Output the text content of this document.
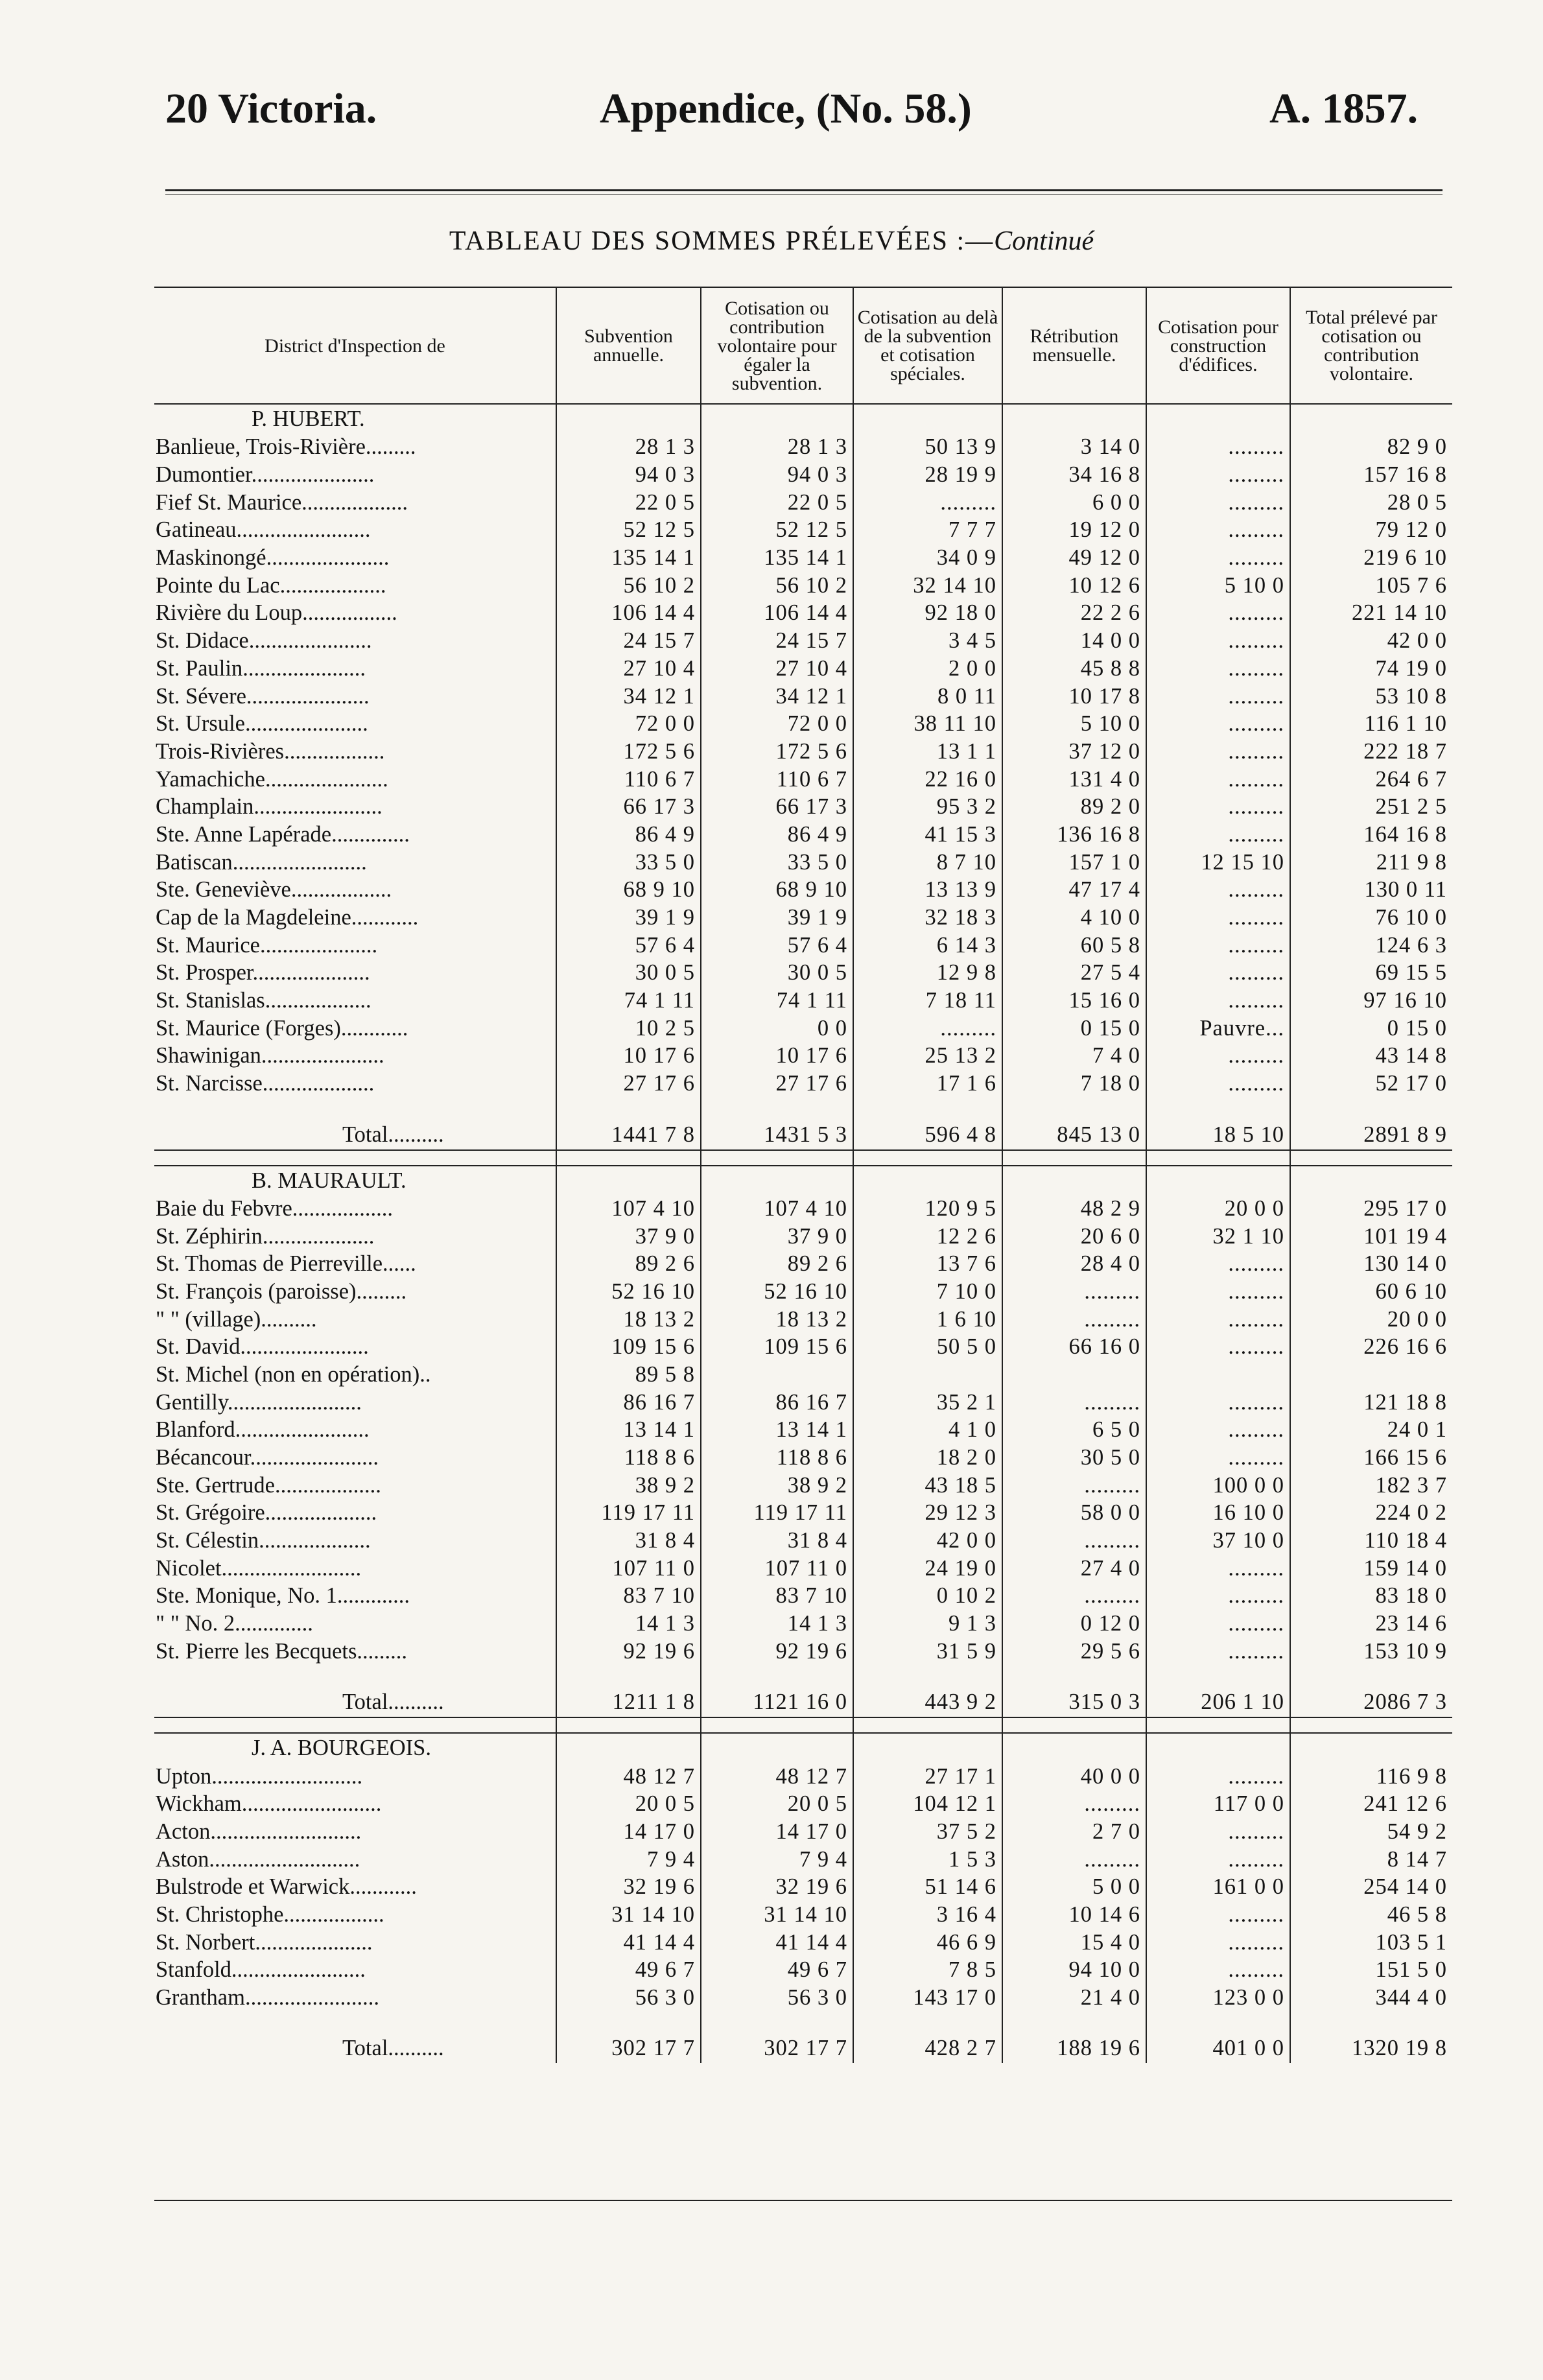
20 Victoria.	Appendice, (No. 58.)	A. 1857.
TABLEAU DES SOMMES PRÉLEVÉES :—Continué
District d'Inspection de	Subvention annuelle.	Cotisation ou contribution volontaire pour égaler la subvention.	Cotisation au delà de la subvention et cotisation spéciales.	Rétribution mensuelle.	Cotisation pour construction d'édifices.	Total prélevé par cotisation ou contribution volontaire.
P. HUBERT.						
Banlieue, Trois-Rivière.........	28 1 3	28 1 3	50 13 9	3 14 0	.........	82 9 0
Dumontier......................	94 0 3	94 0 3	28 19 9	34 16 8	.........	157 16 8
Fief St. Maurice...................	22 0 5	22 0 5	.........	6 0 0	.........	28 0 5
Gatineau........................	52 12 5	52 12 5	7 7 7	19 12 0	.........	79 12 0
Maskinongé......................	135 14 1	135 14 1	34 0 9	49 12 0	.........	219 6 10
Pointe du Lac...................	56 10 2	56 10 2	32 14 10	10 12 6	5 10 0	105 7 6
Rivière du Loup.................	106 14 4	106 14 4	92 18 0	22 2 6	.........	221 14 10
St. Didace......................	24 15 7	24 15 7	3 4 5	14 0 0	.........	42 0 0
St. Paulin......................	27 10 4	27 10 4	2 0 0	45 8 8	.........	74 19 0
St. Sévere......................	34 12 1	34 12 1	8 0 11	10 17 8	.........	53 10 8
St. Ursule......................	72 0 0	72 0 0	38 11 10	5 10 0	.........	116 1 10
Trois-Rivières..................	172 5 6	172 5 6	13 1 1	37 12 0	.........	222 18 7
Yamachiche......................	110 6 7	110 6 7	22 16 0	131 4 0	.........	264 6 7
Champlain.......................	66 17 3	66 17 3	95 3 2	89 2 0	.........	251 2 5
Ste. Anne Lapérade..............	86 4 9	86 4 9	41 15 3	136 16 8	.........	164 16 8
Batiscan........................	33 5 0	33 5 0	8 7 10	157 1 0	12 15 10	211 9 8
Ste. Geneviève..................	68 9 10	68 9 10	13 13 9	47 17 4	.........	130 0 11
Cap de la Magdeleine............	39 1 9	39 1 9	32 18 3	4 10 0	.........	76 10 0
St. Maurice.....................	57 6 4	57 6 4	6 14 3	60 5 8	.........	124 6 3
St. Prosper.....................	30 0 5	30 0 5	12 9 8	27 5 4	.........	69 15 5
St. Stanislas...................	74 1 11	74 1 11	7 18 11	15 16 0	.........	97 16 10
St. Maurice (Forges)............	10 2 5	0 0	.........	0 15 0	Pauvre...	0 15 0
Shawinigan......................	10 17 6	10 17 6	25 13 2	7 4 0	.........	43 14 8
St. Narcisse....................	27 17 6	27 17 6	17 1 6	7 18 0	.........	52 17 0

Total..........	1441 7 8	1431 5 3	596 4 8	845 13 0	18 5 10	2891 8 9

B. MAURAULT.						
Baie du Febvre..................	107 4 10	107 4 10	120 9 5	48 2 9	20 0 0	295 17 0
St. Zéphirin....................	37 9 0	37 9 0	12 2 6	20 6 0	32 1 10	101 19 4
St. Thomas de Pierreville......	89 2 6	89 2 6	13 7 6	28 4 0	.........	130 14 0
St. François (paroisse).........	52 16 10	52 16 10	7 10 0	.........	.........	60 6 10
" " (village)..........	18 13 2	18 13 2	1 6 10	.........	.........	20 0 0
St. David.......................	109 15 6	109 15 6	50 5 0	66 16 0	.........	226 16 6
St. Michel (non en opération)..	89 5 8					
Gentilly........................	86 16 7	86 16 7	35 2 1	.........	.........	121 18 8
Blanford........................	13 14 1	13 14 1	4 1 0	6 5 0	.........	24 0 1
Bécancour.......................	118 8 6	118 8 6	18 2 0	30 5 0	.........	166 15 6
Ste. Gertrude...................	38 9 2	38 9 2	43 18 5	.........	100 0 0	182 3 7
St. Grégoire....................	119 17 11	119 17 11	29 12 3	58 0 0	16 10 0	224 0 2
St. Célestin....................	31 8 4	31 8 4	42 0 0	.........	37 10 0	110 18 4
Nicolet.........................	107 11 0	107 11 0	24 19 0	27 4 0	.........	159 14 0
Ste. Monique, No. 1.............	83 7 10	83 7 10	0 10 2	.........	.........	83 18 0
" " No. 2..............	14 1 3	14 1 3	9 1 3	0 12 0	.........	23 14 6
St. Pierre les Becquets.........	92 19 6	92 19 6	31 5 9	29 5 6	.........	153 10 9

Total..........	1211 1 8	1121 16 0	443 9 2	315 0 3	206 1 10	2086 7 3

J. A. BOURGEOIS.						
Upton...........................	48 12 7	48 12 7	27 17 1	40 0 0	.........	116 9 8
Wickham.........................	20 0 5	20 0 5	104 12 1	.........	117 0 0	241 12 6
Acton...........................	14 17 0	14 17 0	37 5 2	2 7 0	.........	54 9 2
Aston...........................	7 9 4	7 9 4	1 5 3	.........	.........	8 14 7
Bulstrode et Warwick............	32 19 6	32 19 6	51 14 6	5 0 0	161 0 0	254 14 0
St. Christophe..................	31 14 10	31 14 10	3 16 4	10 14 6	.........	46 5 8
St. Norbert.....................	41 14 4	41 14 4	46 6 9	15 4 0	.........	103 5 1
Stanfold........................	49 6 7	49 6 7	7 8 5	94 10 0	.........	151 5 0
Grantham........................	56 3 0	56 3 0	143 17 0	21 4 0	123 0 0	344 4 0

Total..........	302 17 7	302 17 7	428 2 7	188 19 6	401 0 0	1320 19 8
